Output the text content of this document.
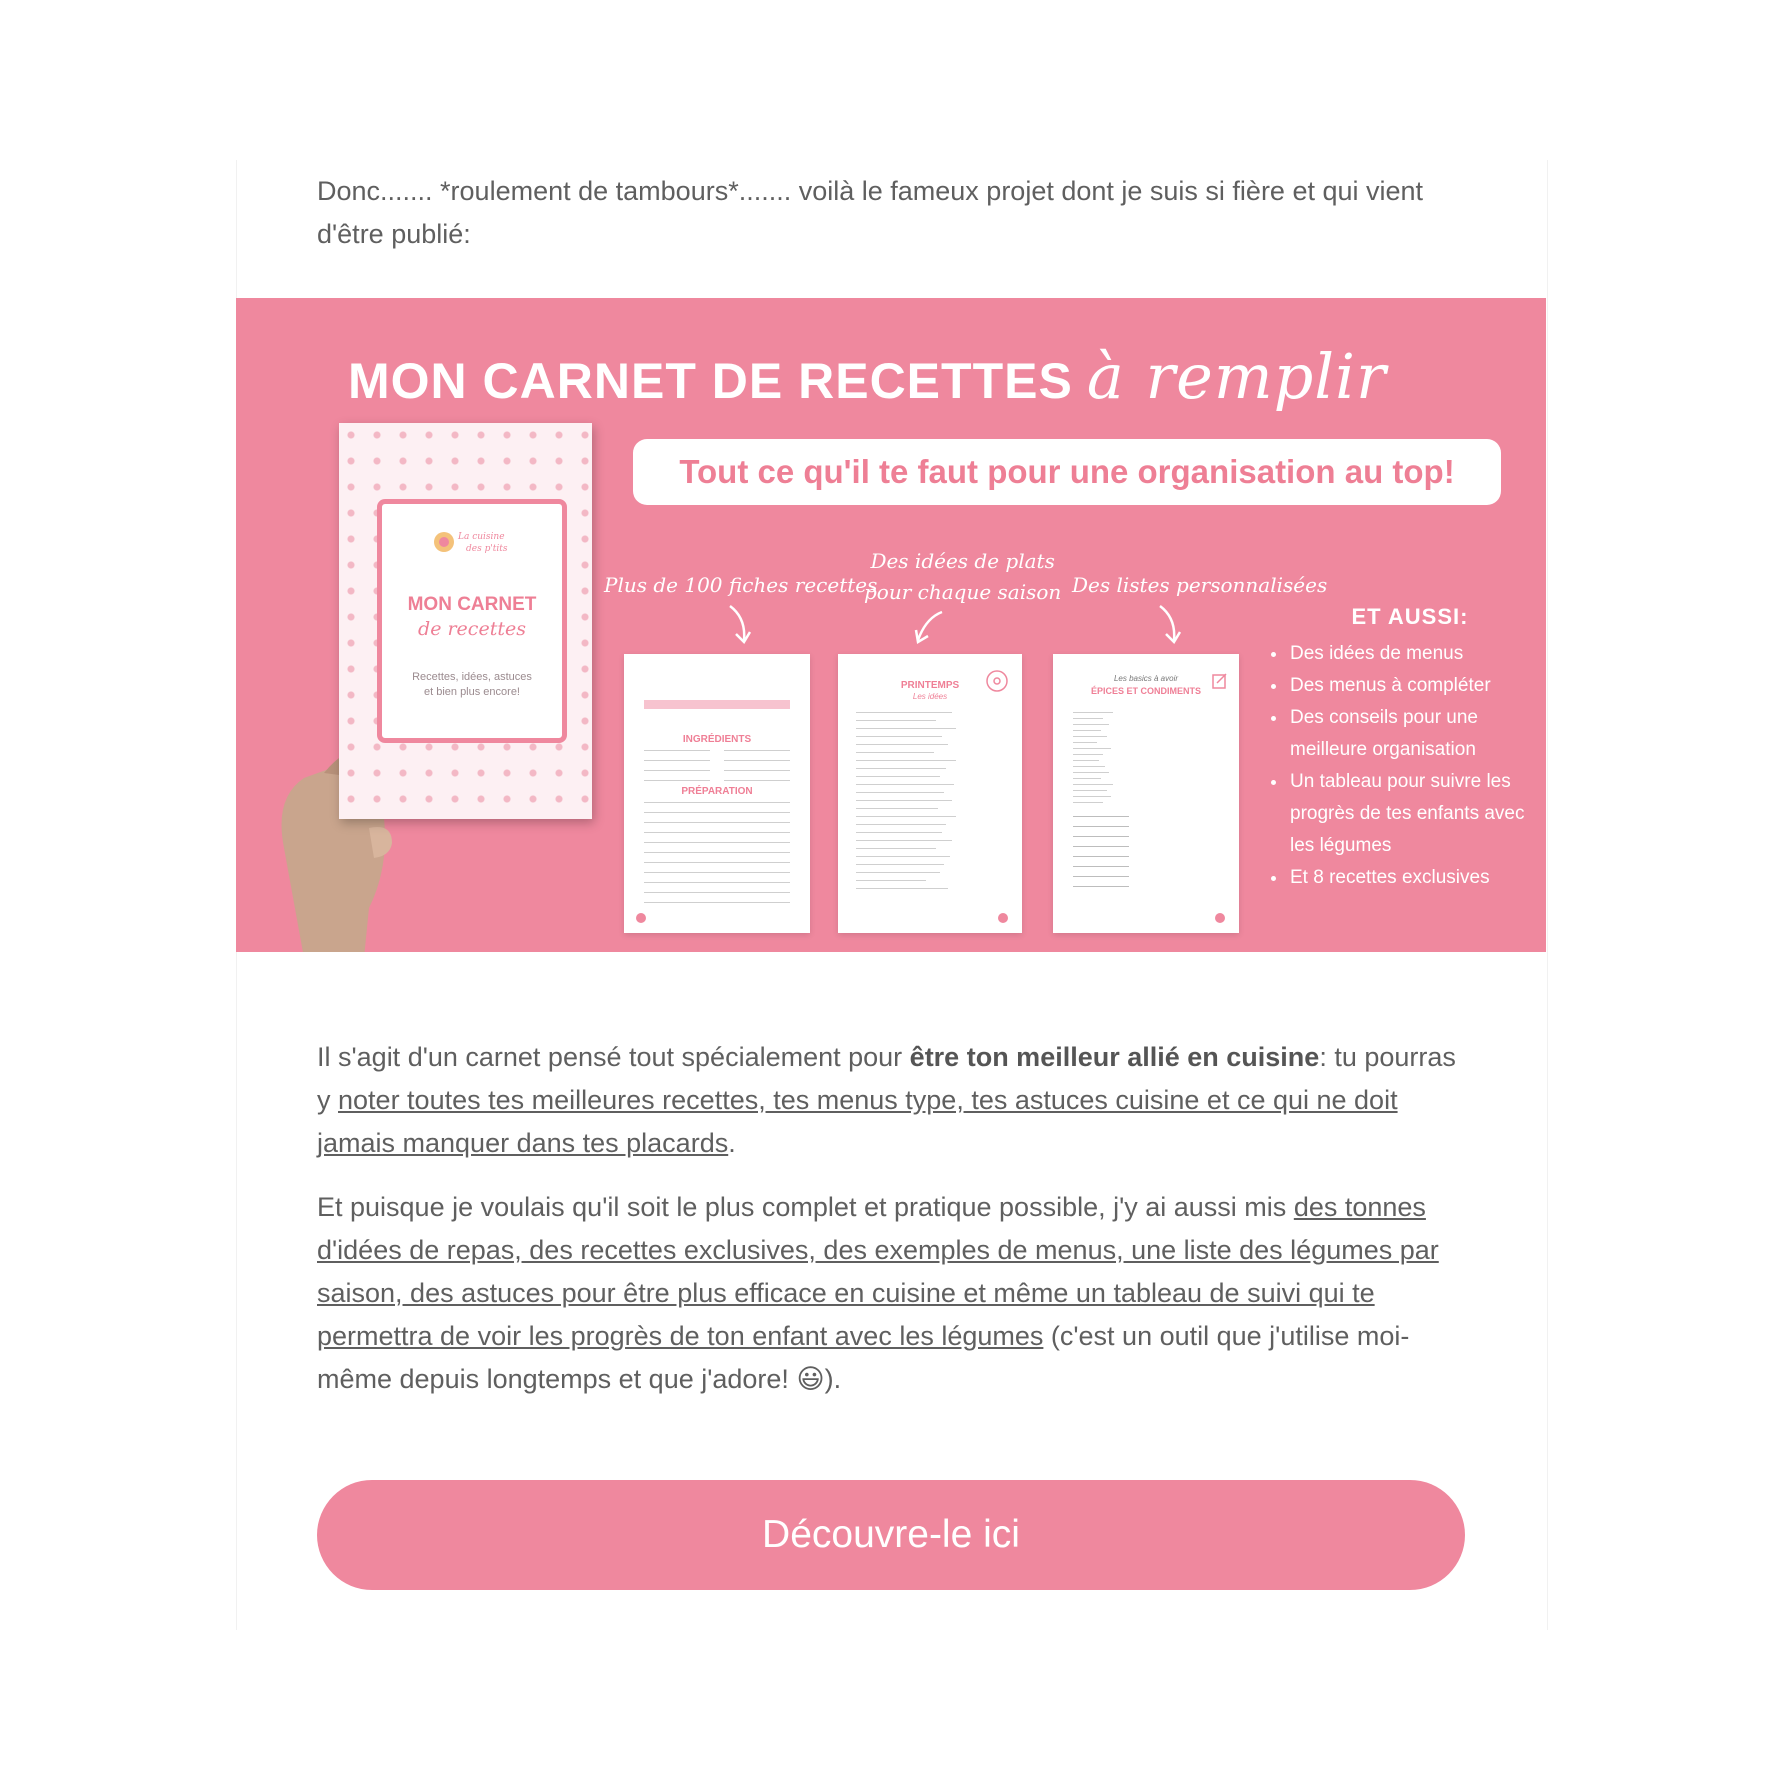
Donc....... *roulement de tambours*....... voilà le fameux projet dont je suis si fière et qui vient d'être publié:

MON CARNET DE RECETTES à remplir
Tout ce qu'il te faut pour une organisation au top!
La cuisine
des p'tits
MON CARNET
de recettes
Recettes, idées, astuces
et bien plus encore!
Plus de 100 fiches recettes
Des idées de plats
pour chaque saison Des listes personnalisées
INGRÉDIENTS
PRÉPARATION
PRINTEMPS
Les idées
Les basics à avoir
ÉPICES ET CONDIMENTS
ET AUSSI:
• Des idées de menus
• Des menus à compléter
• Des conseils pour une meilleure organisation
• Un tableau pour suivre les progrès de tes enfants avec les légumes
• Et 8 recettes exclusives

Il s'agit d'un carnet pensé tout spécialement pour être ton meilleur allié en cuisine: tu pourras y noter toutes tes meilleures recettes, tes menus type, tes astuces cuisine et ce qui ne doit jamais manquer dans tes placards.

Et puisque je voulais qu'il soit le plus complet et pratique possible, j'y ai aussi mis des tonnes d'idées de repas, des recettes exclusives, des exemples de menus, une liste des légumes par saison, des astuces pour être plus efficace en cuisine et même un tableau de suivi qui te permettra de voir les progrès de ton enfant avec les légumes (c'est un outil que j'utilise moi-même depuis longtemps et que j'adore! 😃).

Découvre-le ici
